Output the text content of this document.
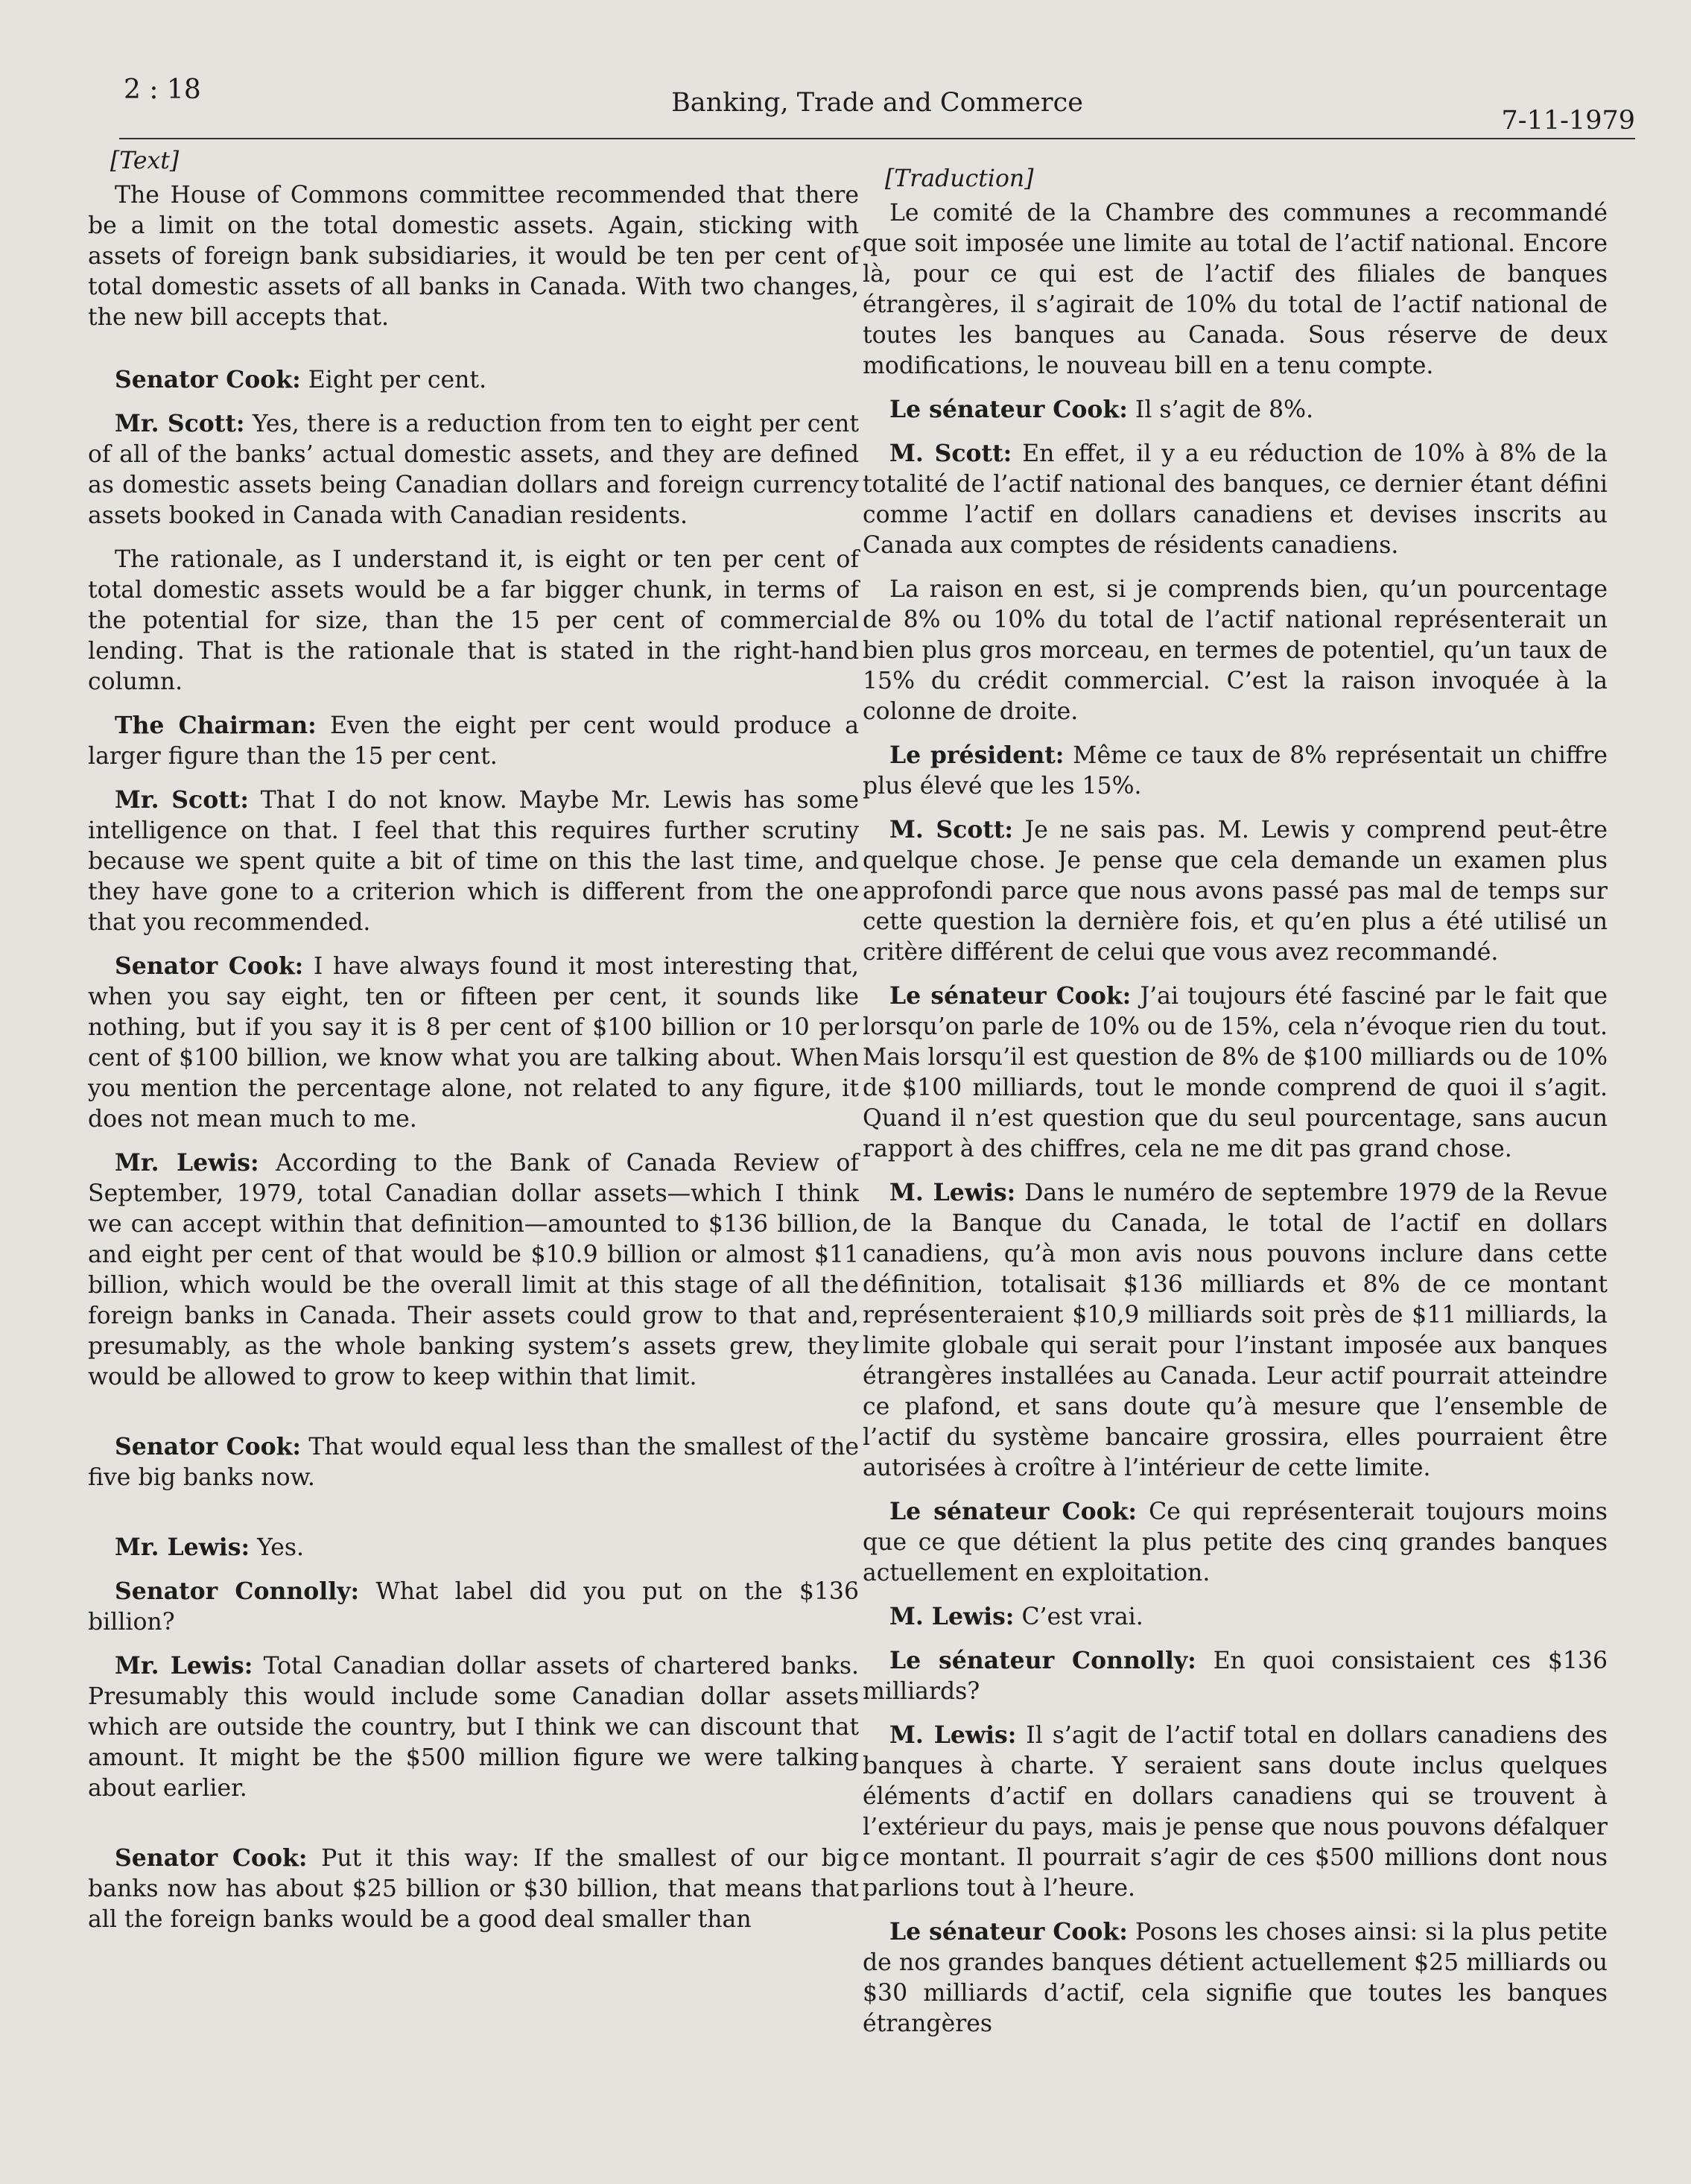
2 : 18	Banking, Trade and Commerce
7-11-1979

[Text]

The House of Commons committee recommended that there be a limit on the total domestic assets. Again, sticking with assets of foreign bank subsidiaries, it would be ten per cent of total domestic assets of all banks in Canada. With two changes, the new bill accepts that.

Senator Cook: Eight per cent.

Mr. Scott: Yes, there is a reduction from ten to eight per cent of all of the banks’ actual domestic assets, and they are defined as domestic assets being Canadian dollars and foreign currency assets booked in Canada with Canadian residents.

The rationale, as I understand it, is eight or ten per cent of total domestic assets would be a far bigger chunk, in terms of the potential for size, than the 15 per cent of commercial lending. That is the rationale that is stated in the right-hand column.

The Chairman: Even the eight per cent would produce a larger figure than the 15 per cent.

Mr. Scott: That I do not know. Maybe Mr. Lewis has some intelligence on that. I feel that this requires further scrutiny because we spent quite a bit of time on this the last time, and they have gone to a criterion which is different from the one that you recommended.

Senator Cook: I have always found it most interesting that, when you say eight, ten or fifteen per cent, it sounds like nothing, but if you say it is 8 per cent of $100 billion or 10 per cent of $100 billion, we know what you are talking about. When you mention the percentage alone, not related to any figure, it does not mean much to me.

Mr. Lewis: According to the Bank of Canada Review of September, 1979, total Canadian dollar assets—which I think we can accept within that definition—amounted to $136 billion, and eight per cent of that would be $10.9 billion or almost $11 billion, which would be the overall limit at this stage of all the foreign banks in Canada. Their assets could grow to that and, presumably, as the whole banking system’s assets grew, they would be allowed to grow to keep within that limit.

Senator Cook: That would equal less than the smallest of the five big banks now.

Mr. Lewis: Yes.

Senator Connolly: What label did you put on the $136 billion?

Mr. Lewis: Total Canadian dollar assets of chartered banks. Presumably this would include some Canadian dollar assets which are outside the country, but I think we can discount that amount. It might be the $500 million figure we were talking about earlier.

Senator Cook: Put it this way: If the smallest of our big banks now has about $25 billion or $30 billion, that means that all the foreign banks would be a good deal smaller than

[Traduction]

Le comité de la Chambre des communes a recommandé que soit imposée une limite au total de l’actif national. Encore là, pour ce qui est de l’actif des filiales de banques étrangères, il s’agirait de 10% du total de l’actif national de toutes les banques au Canada. Sous réserve de deux modifications, le nouveau bill en a tenu compte.

Le sénateur Cook: Il s’agit de 8%.

M. Scott: En effet, il y a eu réduction de 10% à 8% de la totalité de l’actif national des banques, ce dernier étant défini comme l’actif en dollars canadiens et devises inscrits au Canada aux comptes de résidents canadiens.

La raison en est, si je comprends bien, qu’un pourcentage de 8% ou 10% du total de l’actif national représenterait un bien plus gros morceau, en termes de potentiel, qu’un taux de 15% du crédit commercial. C’est la raison invoquée à la colonne de droite.

Le président: Même ce taux de 8% représentait un chiffre plus élevé que les 15%.

M. Scott: Je ne sais pas. M. Lewis y comprend peut-être quelque chose. Je pense que cela demande un examen plus approfondi parce que nous avons passé pas mal de temps sur cette question la dernière fois, et qu’en plus a été utilisé un critère différent de celui que vous avez recommandé.

Le sénateur Cook: J’ai toujours été fasciné par le fait que lorsqu’on parle de 10% ou de 15%, cela n’évoque rien du tout. Mais lorsqu’il est question de 8% de $100 milliards ou de 10% de $100 milliards, tout le monde comprend de quoi il s’agit. Quand il n’est question que du seul pourcentage, sans aucun rapport à des chiffres, cela ne me dit pas grand chose.

M. Lewis: Dans le numéro de septembre 1979 de la Revue de la Banque du Canada, le total de l’actif en dollars canadiens, qu’à mon avis nous pouvons inclure dans cette définition, totalisait $136 milliards et 8% de ce montant représenteraient $10,9 milliards soit près de $11 milliards, la limite globale qui serait pour l’instant imposée aux banques étrangères installées au Canada. Leur actif pourrait atteindre ce plafond, et sans doute qu’à mesure que l’ensemble de l’actif du système bancaire grossira, elles pourraient être autorisées à croître à l’intérieur de cette limite.

Le sénateur Cook: Ce qui représenterait toujours moins que ce que détient la plus petite des cinq grandes banques actuellement en exploitation.

M. Lewis: C’est vrai.

Le sénateur Connolly: En quoi consistaient ces $136 milliards?

M. Lewis: Il s’agit de l’actif total en dollars canadiens des banques à charte. Y seraient sans doute inclus quelques éléments d’actif en dollars canadiens qui se trouvent à l’extérieur du pays, mais je pense que nous pouvons défalquer ce montant. Il pourrait s’agir de ces $500 millions dont nous parlions tout à l’heure.

Le sénateur Cook: Posons les choses ainsi: si la plus petite de nos grandes banques détient actuellement $25 milliards ou $30 milliards d’actif, cela signifie que toutes les banques étrangères
